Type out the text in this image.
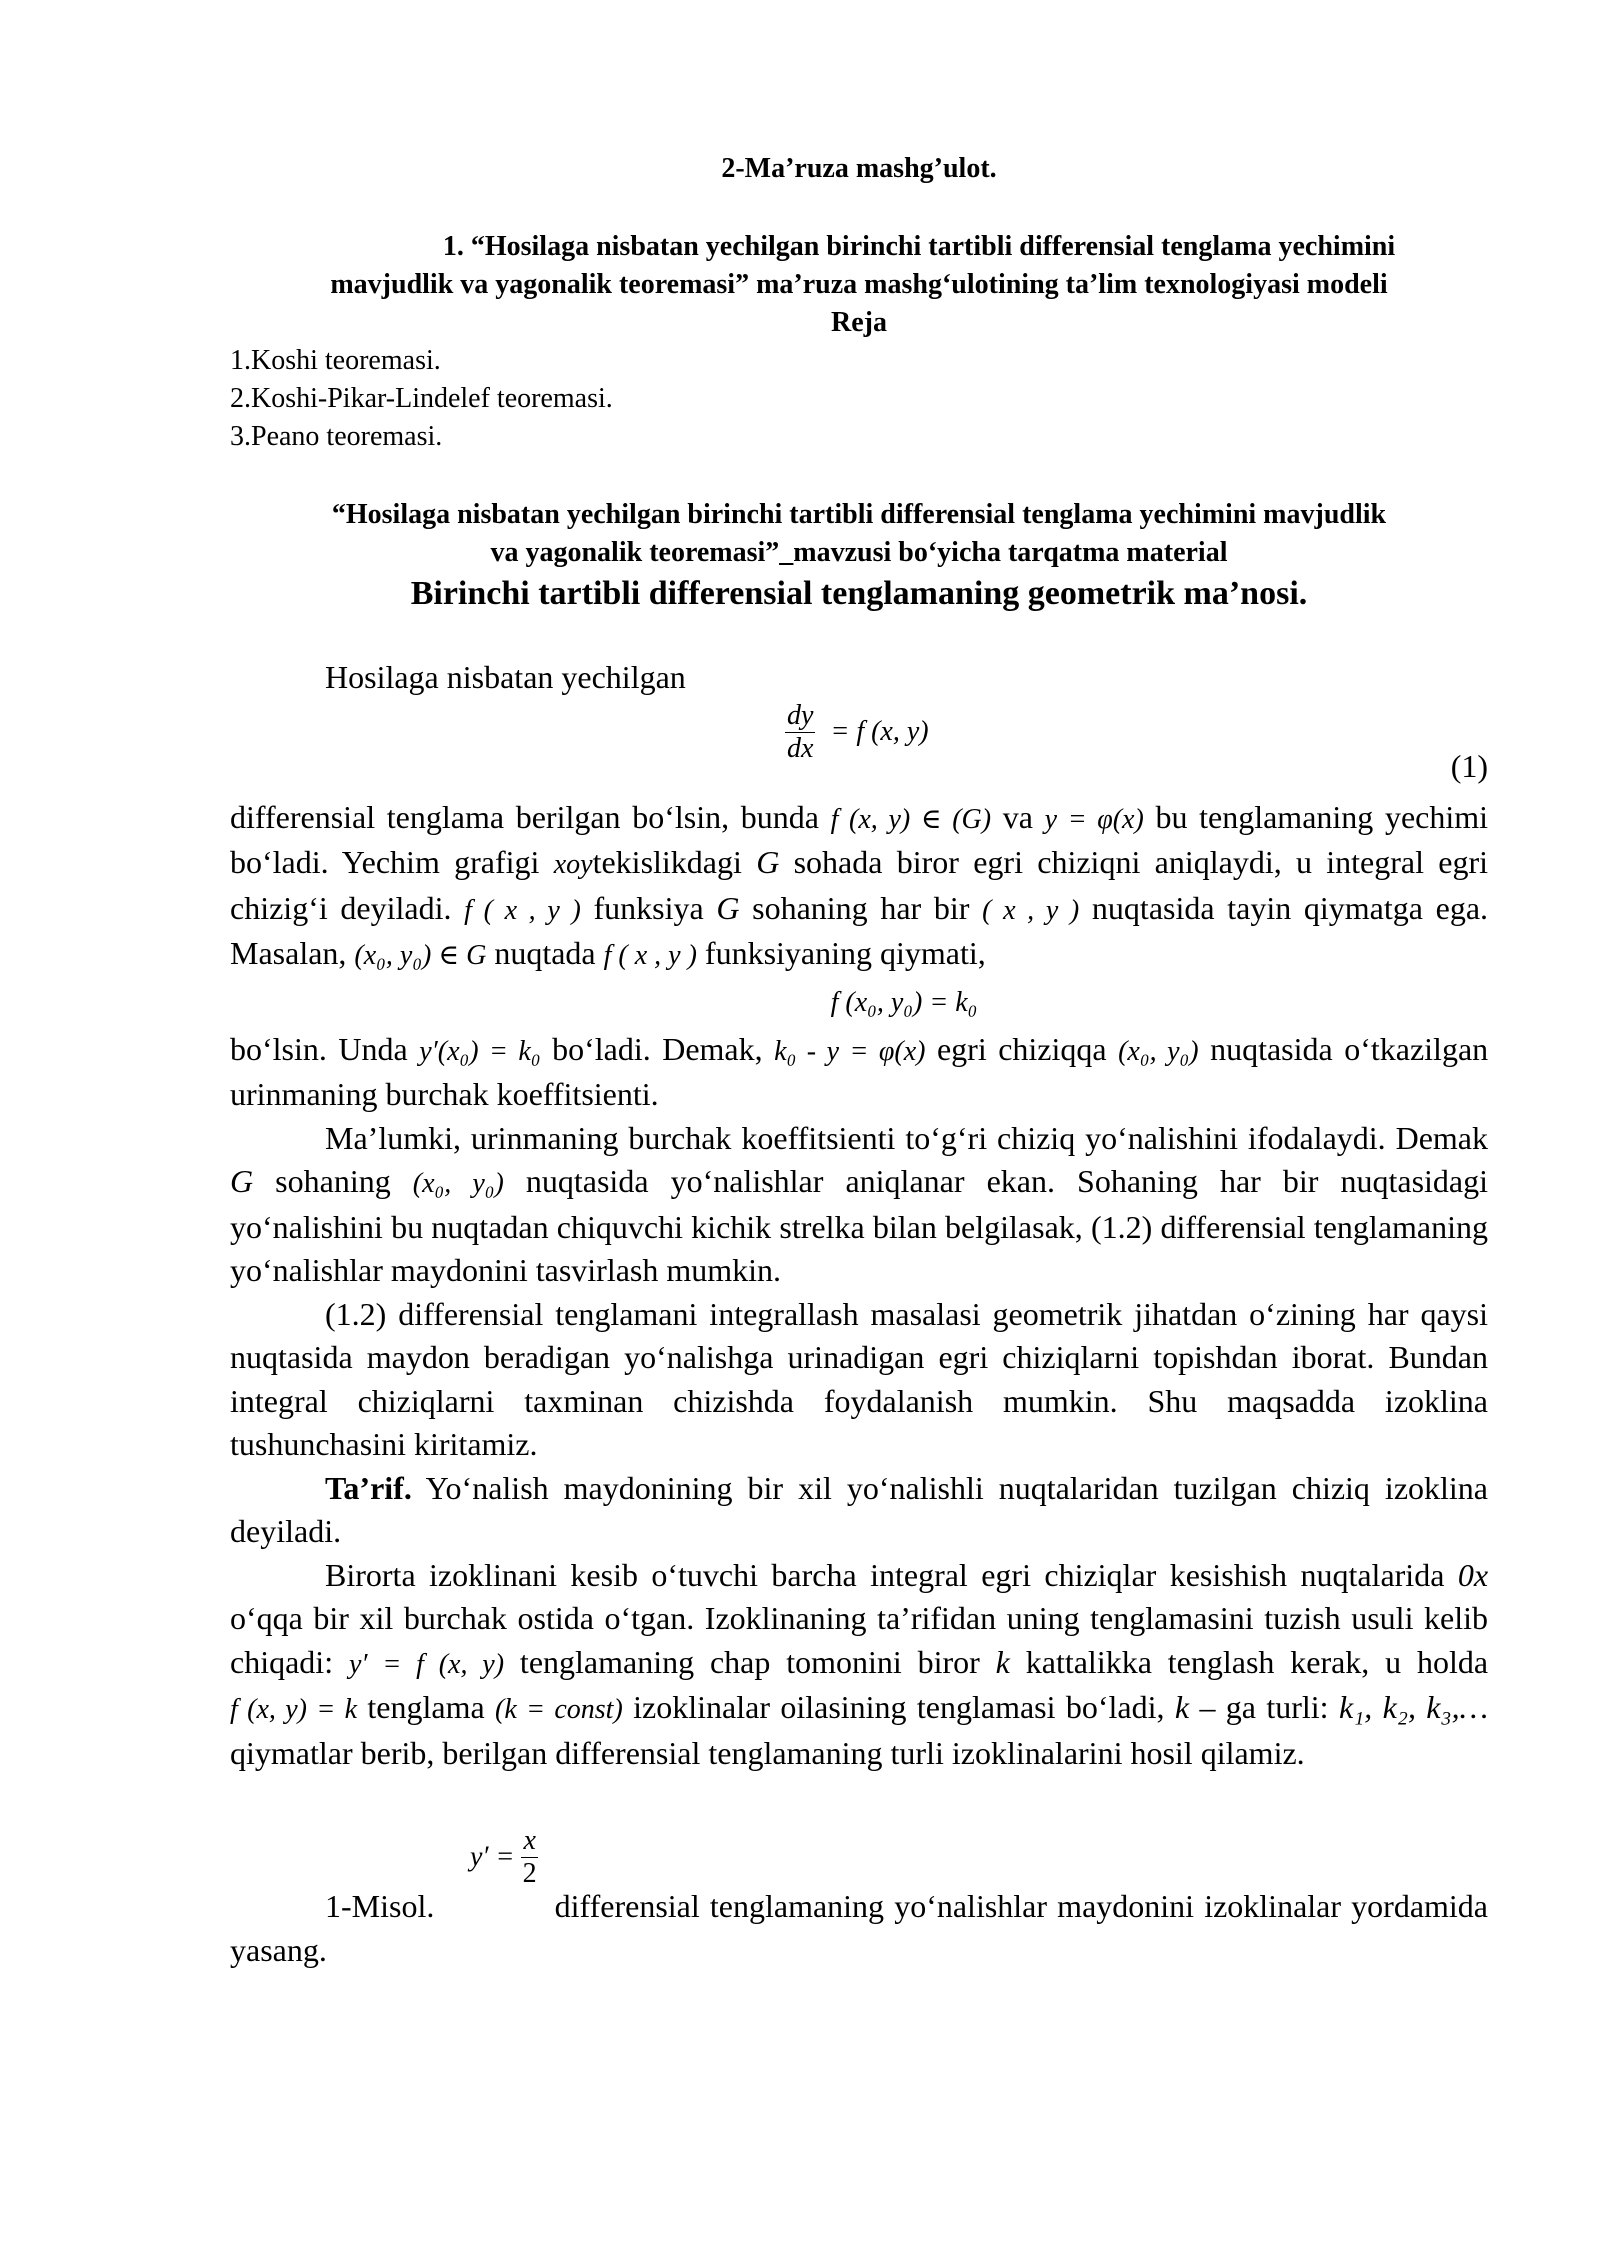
2-Ma’ruza mashg’ulot.

1. “Hosilaga nisbatan yechilgan birinchi tartibli differensial tenglama yechimini
mavjudlik va yagonalik teoremasi” ma’ruza mashg‘ulotining ta’lim texnologiyasi modeli
Reja
1.Koshi teoremasi.
2.Koshi-Pikar-Lindelef teoremasi.
3.Peano teoremasi.
“Hosilaga nisbatan yechilgan birinchi tartibli differensial tenglama yechimini mavjudlik
va yagonalik teoremasi”_mavzusi bo‘yicha tarqatma material
Birinchi tartibli differensial tenglamaning geometrik ma’nosi.

Hosilaga nisbatan yechilgan

$\frac{dy}{dx} = f$ (x, y)
(1)

differensial tenglama berilgan bo‘lsin, bunda f (x, y) ∈ (G) va y = φ(x) bu tenglamaning yechimi bo‘ladi. Yechim grafigi xoytekislikdagi G sohada biror egri chiziqni aniqlaydi, u integral egri chizig‘i deyiladi. f ( x , y ) funksiya G sohaning har bir ( x , y ) nuqtasida tayin qiymatga ega. Masalan, (x₀, y₀) ∈ G nuqtada f ( x , y ) funksiyaning qiymati,

f (x₀, y₀) = k₀

bo‘lsin. Unda y′(x₀) = k₀ bo‘ladi. Demak, k₀ - y = φ(x) egri chiziqqa (x₀, y₀) nuqtasida o‘tkazilgan urinmaning burchak koeffitsienti.

Ma’lumki, urinmaning burchak koeffitsienti to‘g‘ri chiziq yo‘nalishini ifodalaydi. Demak G sohaning (x₀, y₀) nuqtasida yo‘nalishlar aniqlanar ekan. Sohaning har bir nuqtasidagi yo‘nalishini bu nuqtadan chiquvchi kichik strelka bilan belgilasak, (1.2) differensial tenglamaning yo‘nalishlar maydonini tasvirlash mumkin.

(1.2) differensial tenglamani integrallash masalasi geometrik jihatdan o‘zining har qaysi nuqtasida maydon beradigan yo‘nalishga urinadigan egri chiziqlarni topishdan iborat. Bundan integral chiziqlarni taxminan chizishda foydalanish mumkin. Shu maqsadda izoklina tushunchasini kiritamiz.

Ta’rif. Yo‘nalish maydonining bir xil yo‘nalishli nuqtalaridan tuzilgan chiziq izoklina deyiladi.

Birorta izoklinani kesib o‘tuvchi barcha integral egri chiziqlar kesishish nuqtalarida 0x o‘qqa bir xil burchak ostida o‘tgan. Izoklinaning ta’rifidan uning tenglamasini tuzish usuli kelib chiqadi: y′ = f (x, y) tenglamaning chap tomonini biror k kattalikka tenglash kerak, u holda f (x, y) = k tenglama (k = const) izoklinalar oilasining tenglamasi bo‘ladi, k – ga turli: k₁, k₂, k₃,… qiymatlar berib, berilgan differensial tenglamaning turli izoklinalarini hosil qilamiz.

$y' = \frac{x}{2}$

1-Misol.	differensial tenglamaning yo‘nalishlar maydonini izoklinalar yordamida yasang.
